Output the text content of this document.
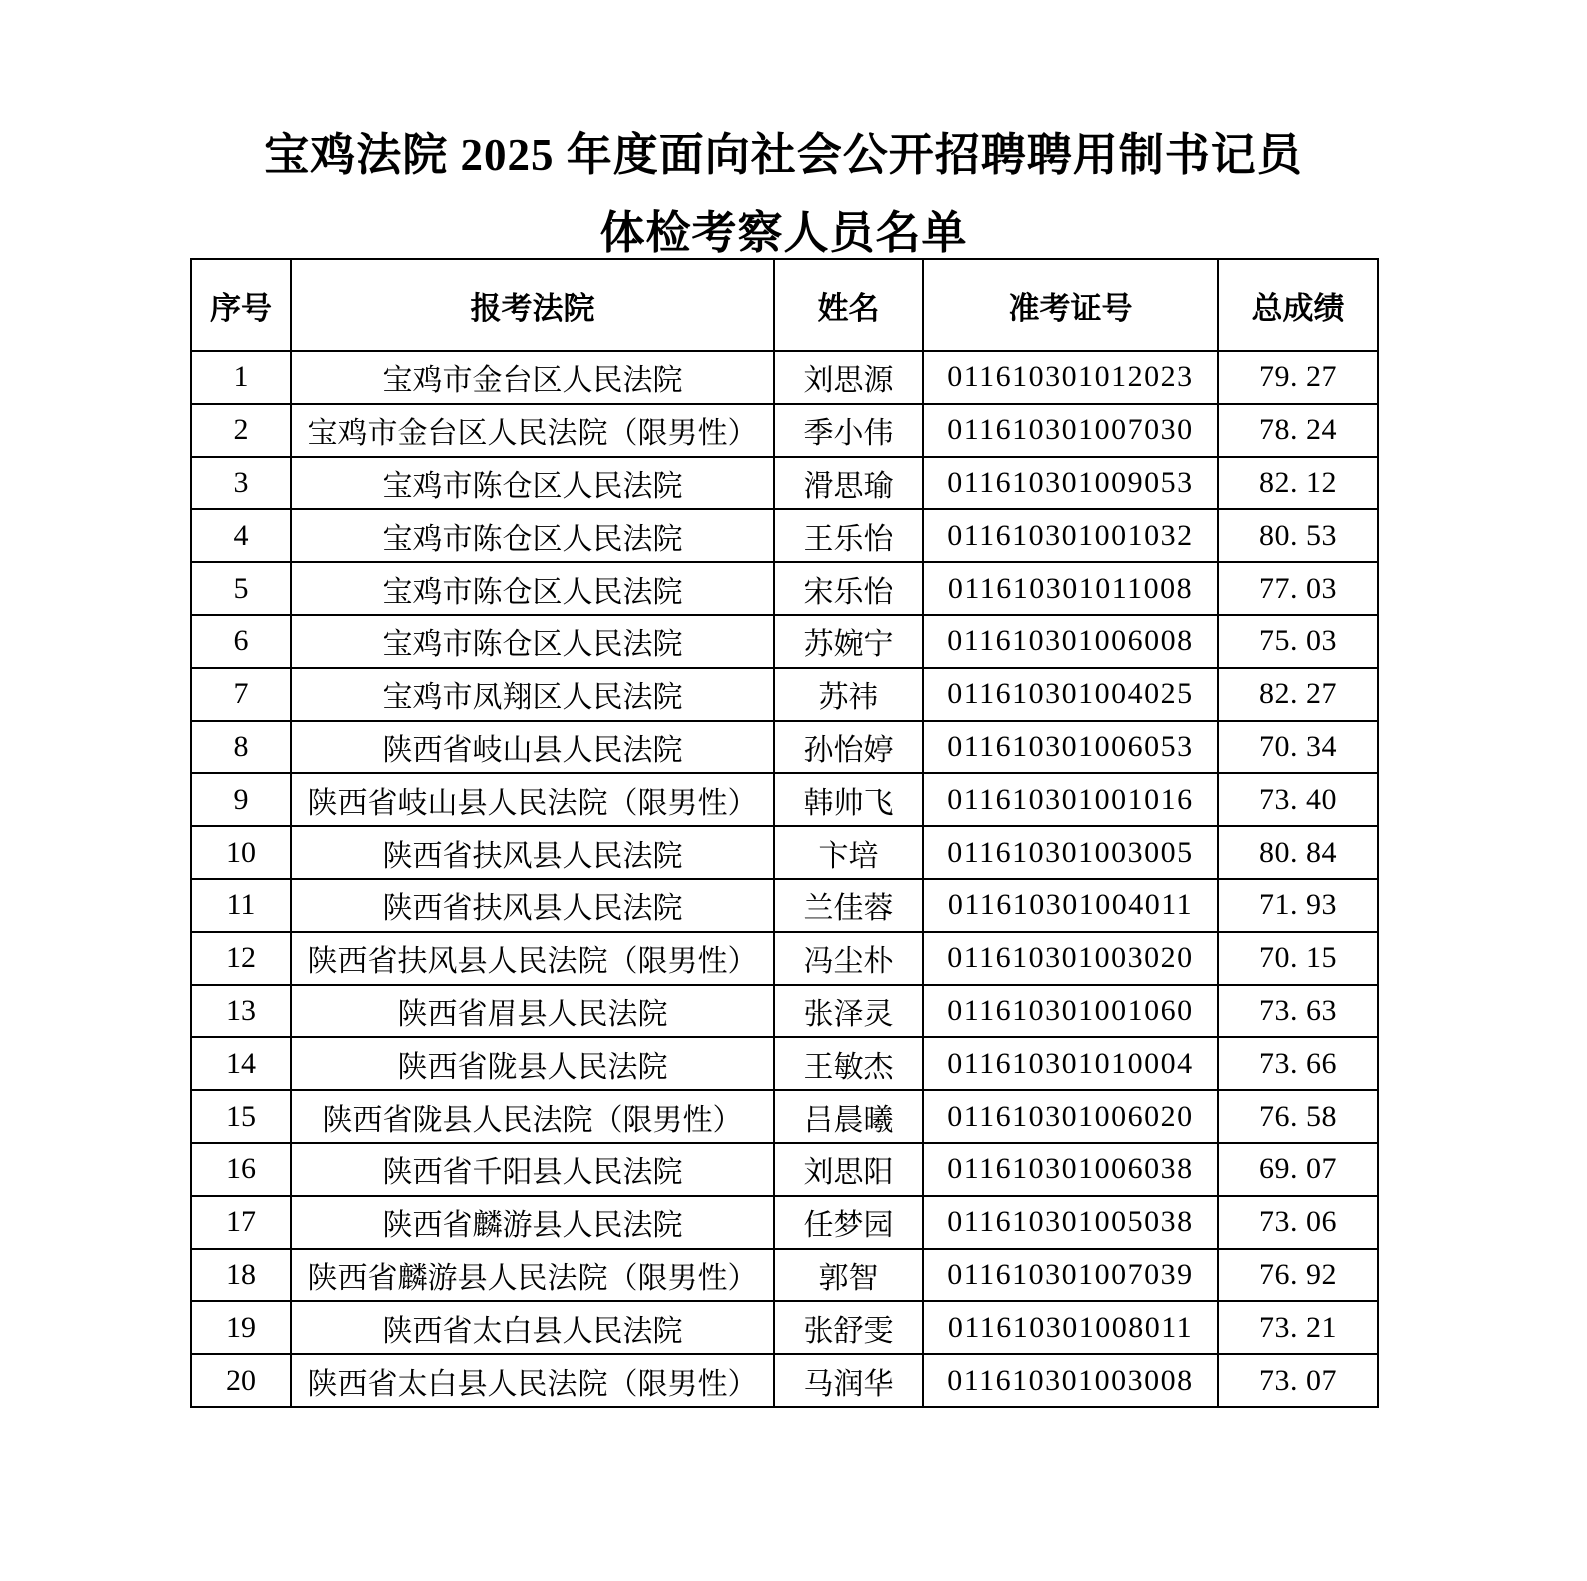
宝鸡法院 2025 年度面向社会公开招聘聘用制书记员

体检考察人员名单

序号	报考法院	姓名	准考证号	总成绩
1	宝鸡市金台区人民法院	刘思源	011610301012023	79. 27
2	宝鸡市金台区人民法院（限男性）	季小伟	011610301007030	78. 24
3	宝鸡市陈仓区人民法院	滑思瑜	011610301009053	82. 12
4	宝鸡市陈仓区人民法院	王乐怡	011610301001032	80. 53
5	宝鸡市陈仓区人民法院	宋乐怡	011610301011008	77. 03
6	宝鸡市陈仓区人民法院	苏婉宁	011610301006008	75. 03
7	宝鸡市凤翔区人民法院	苏祎	011610301004025	82. 27
8	陕西省岐山县人民法院	孙怡婷	011610301006053	70. 34
9	陕西省岐山县人民法院（限男性）	韩帅飞	011610301001016	73. 40
10	陕西省扶风县人民法院	卞培	011610301003005	80. 84
11	陕西省扶风县人民法院	兰佳蓉	011610301004011	71. 93
12	陕西省扶风县人民法院（限男性）	冯尘朴	011610301003020	70. 15
13	陕西省眉县人民法院	张泽灵	011610301001060	73. 63
14	陕西省陇县人民法院	王敏杰	011610301010004	73. 66
15	陕西省陇县人民法院（限男性）	吕晨曦	011610301006020	76. 58
16	陕西省千阳县人民法院	刘思阳	011610301006038	69. 07
17	陕西省麟游县人民法院	任梦园	011610301005038	73. 06
18	陕西省麟游县人民法院（限男性）	郭智	011610301007039	76. 92
19	陕西省太白县人民法院	张舒雯	011610301008011	73. 21
20	陕西省太白县人民法院（限男性）	马润华	011610301003008	73. 07
